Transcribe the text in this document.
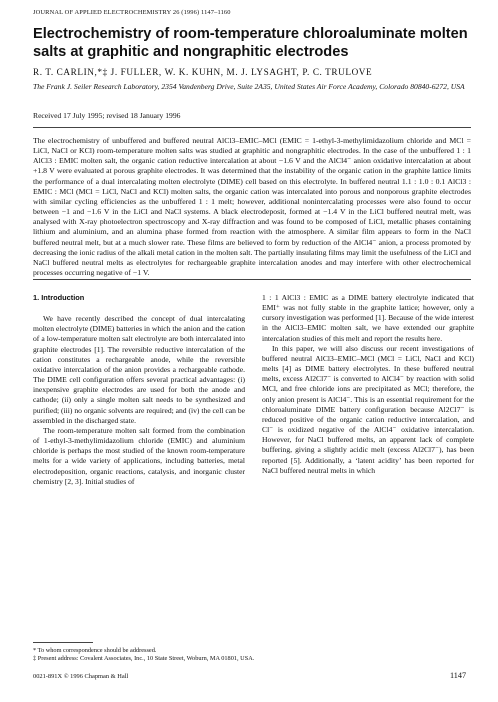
JOURNAL OF APPLIED ELECTROCHEMISTRY 26 (1996) 1147–1160
Electrochemistry of room-temperature chloroaluminate molten salts at graphitic and nongraphitic electrodes
R. T. CARLIN,*‡ J. FULLER, W. K. KUHN, M. J. LYSAGHT, P. C. TRULOVE
The Frank J. Seiler Research Laboratory, 2354 Vandenberg Drive, Suite 2A35, United States Air Force Academy, Colorado 80840-6272, USA
Received 17 July 1995; revised 18 January 1996

The electrochemistry of unbuffered and buffered neutral AlCl3–EMIC–MCl (EMIC = 1-ethyl-3-methylimidazolium chloride and MCl = LiCl, NaCl or KCl) room-temperature molten salts was studied at graphitic and nongraphitic electrodes. In the case of the unbuffered 1 : 1 AlCl3 : EMIC molten salt, the organic cation reductive intercalation at about −1.6 V and the AlCl4⁻ anion oxidative intercalation at about +1.8 V were evaluated at porous graphite electrodes. It was determined that the instability of the organic cation in the graphite lattice limits the performance of a dual intercalating molten electrolyte (DIME) cell based on this electrolyte. In buffered neutral 1.1 : 1.0 : 0.1 AlCl3 : EMIC : MCl (MCl = LiCl, NaCl and KCl) molten salts, the organic cation was intercalated into porous and nonporous graphite electrodes with similar cycling efficiencies as the unbuffered 1 : 1 melt; however, additional nonintercalating processes were also found to occur between −1 and −1.6 V in the LiCl and NaCl systems. A black electrodeposit, formed at −1.4 V in the LiCl buffered neutral melt, was analysed with X-ray photoelectron spectroscopy and X-ray diffraction and was found to be composed of LiCl, metallic phases containing lithium and aluminium, and an alumina phase formed from reaction with the atmosphere. A similar film appears to form in the NaCl buffered neutral melt, but at a much slower rate. These films are believed to form by reduction of the AlCl4⁻ anion, a process promoted by decreasing the ionic radius of the alkali metal cation in the molten salt. The partially insulating films may limit the usefulness of the LiCl and NaCl buffered neutral melts as electrolytes for rechargeable graphite intercalation anodes and may interfere with other electrochemical processes occurring negative of −1 V.

1. Introduction

We have recently described the concept of dual intercalating molten electrolyte (DIME) batteries in which the anion and the cation of a low-temperature molten salt electrolyte are both intercalated into graphite electrodes [1]. The reversible reductive intercalation of the cation constitutes a rechargeable anode, while the reversible oxidative intercalation of the anion provides a rechargeable cathode. The DIME cell configuration offers several practical advantages: (i) inexpensive graphite electrodes are used for both the anode and cathode; (ii) only a single molten salt needs to be synthesized and purified; (iii) no organic solvents are required; and (iv) the cell can be assembled in the discharged state.

The room-temperature molten salt formed from the combination of 1-ethyl-3-methylimidazolium chloride (EMIC) and aluminium chloride is perhaps the most studied of the known room-temperature melts for a wide variety of applications, including batteries, metal electrodeposition, organic reactions, catalysis, and inorganic cluster chemistry [2, 3]. Initial studies of

1 : 1 AlCl3 : EMIC as a DIME battery electrolyte indicated that EMI⁺ was not fully stable in the graphite lattice; however, only a cursory investigation was performed [1]. Because of the wide interest in the AlCl3–EMIC molten salt, we have extended our graphite intercalation studies of this melt and report the results here.

In this paper, we will also discuss our recent investigations of buffered neutral AlCl3–EMIC–MCl (MCl = LiCl, NaCl and KCl) melts [4] as DIME battery electrolytes. In these buffered neutral melts, excess Al2Cl7⁻ is converted to AlCl4⁻ by reaction with solid MCl, and free chloride ions are precipitated as MCl; therefore, the only anion present is AlCl4⁻. This is an essential requirement for the chloroaluminate DIME battery configuration because Al2Cl7⁻ is reduced positive of the organic cation reductive intercalation, and Cl⁻ is oxidized negative of the AlCl4⁻ oxidative intercalation. However, for NaCl buffered melts, an apparent lack of complete buffering, giving a slightly acidic melt (excess Al2Cl7⁻), has been reported [5]. Additionally, a ‘latent acidity’ has been reported for NaCl buffered neutral melts in which

* To whom correspondence should be addressed.
‡ Present address: Covalent Associates, Inc., 10 State Street, Woburn, MA 01801, USA.
0021-891X © 1996 Chapman & Hall	1147
